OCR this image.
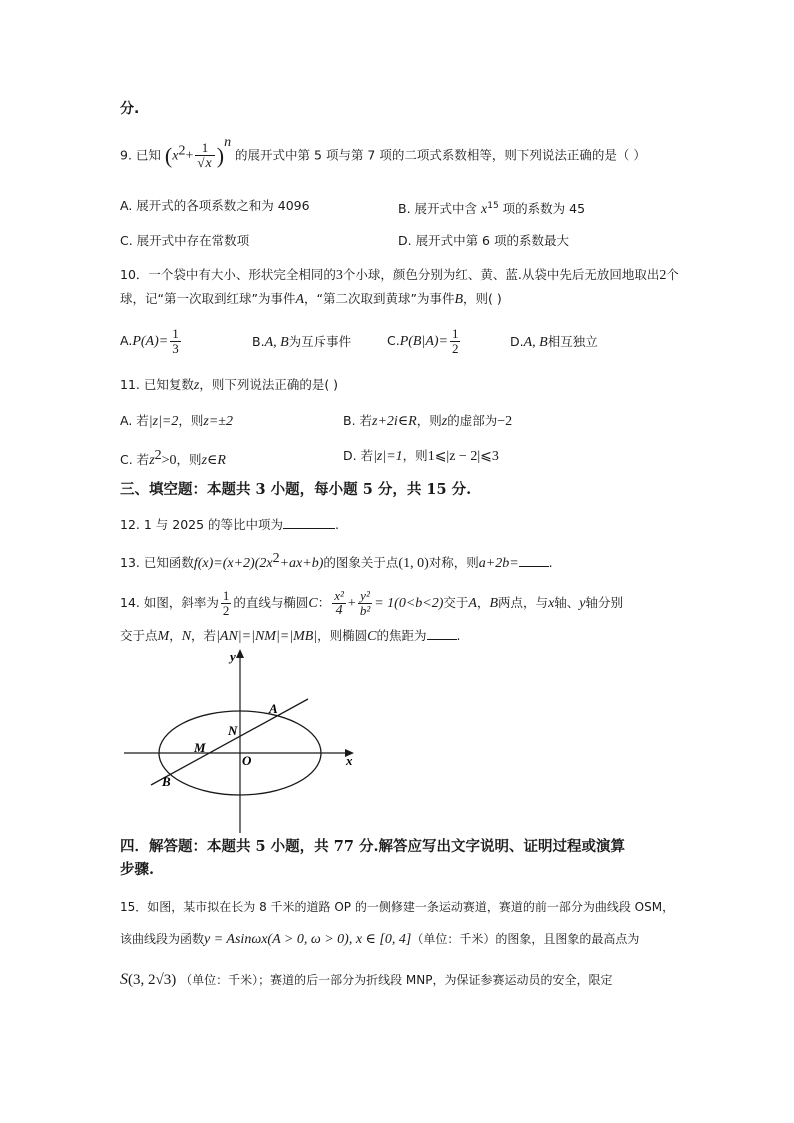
分.
9. 已知 $(x^2+ \frac{1}{√x} )^n$ 的展开式中第 5 项与第 7 项的二项式系数相等，则下列说法正确的是（ ）
A. 展开式的各项系数之和为 4096	B. 展开式中含 $x^{15}$ 项的系数为 45
C. 展开式中存在常数项	D. 展开式中第 6 项的系数最大
10．一个袋中有大小、形状完全相同的3个小球，颜色分别为红、黄、蓝.从袋中先后无放回地取出2个
球，记“第一次取到红球”为事件A，“第二次取到黄球”为事件B，则( )
$A.P(A)= \frac{1}{3}$	B.A, B为互斥事件	$C.P(B|A)= \frac{1}{2}$	D.A, B相互独立
11. 已知复数z，则下列说法正确的是( )
A. 若|z|=2，则z=±2	B. 若z+2i∈R，则z的虚部为−2
C. 若$z^2>0$，则z∈R	D. 若|z|=1，则1⩽|z − 2|⩽3
三、填空题：本题共 3 小题，每小题 5 分，共 15 分.
12. 1 与 2025 的等比中项为	.
13. 已知函数$f(x)=(x+2)(2x^2+ax+b)$的图象关于点(1, 0)对称，则a+2b= .
14. 如图，斜率为 $\frac{1}{2}$ 的直线与椭圆C： $\frac{\text{x²}}{4} + \frac{\text{y²}}{\text{b²}} = 1(0<b<2)$交于A，B两点，与x轴、y轴分别
交于点M，N，若|AN|=|NM|=|MB|，则椭圆C的焦距为 .
y
x
O
A
B
M
N
四．解答题：本题共 5 小题，共 77 分.解答应写出文字说明、证明过程或演算
步骤.
15．如图，某市拟在长为 8 千米的道路 OP 的一侧修建一条运动赛道，赛道的前一部分为曲线段 OSM，
该曲线段为函数y = Asinωx(A > 0, ω > 0), x ∈ [0, 4]（单位：千米）的图象，且图象的最高点为
S(3, 2√3) （单位：千米）；赛道的后一部分为折线段 MNP，为保证参赛运动员的安全，限定
